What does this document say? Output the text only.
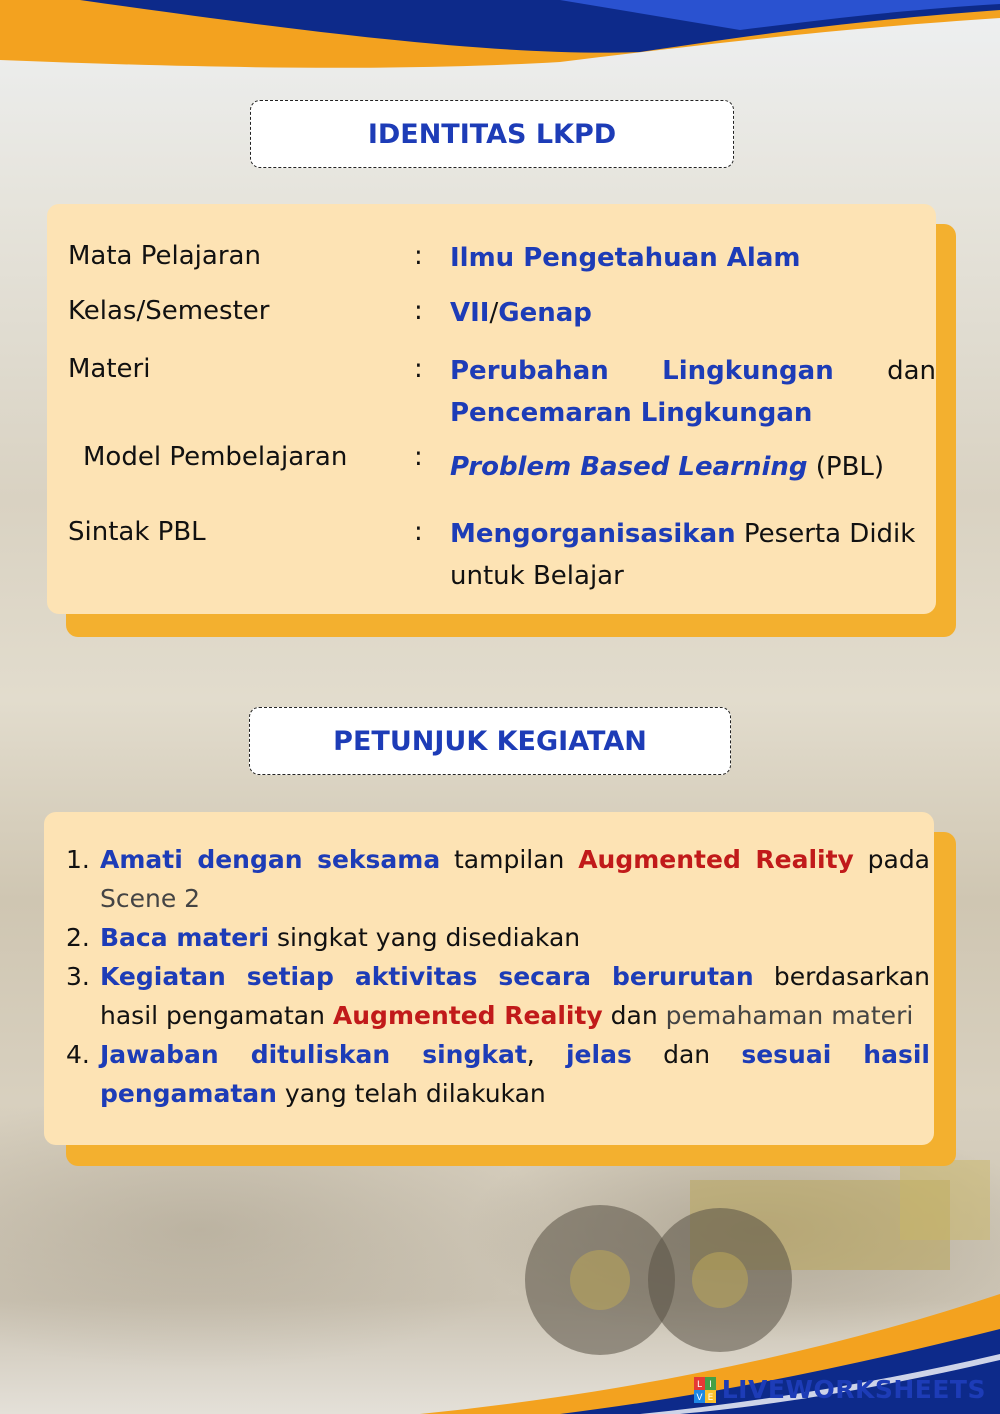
IDENTITAS LKPD
Mata Pelajaran	: Ilmu Pengetahuan Alam
Kelas/Semester	: VII/Genap
Materi	: Perubahan Lingkungan dan
Pencemaran Lingkungan
Model Pembelajaran	: Problem Based Learning (PBL)
Sintak PBL	: Mengorganisasikan Peserta Didik untuk Belajar
PETUNJUK KEGIATAN
1. Amati dengan seksama tampilan Augmented Reality pada Scene 2
2. Baca materi singkat yang disediakan
3. Kegiatan setiap aktivitas secara berurutan berdasarkan hasil pengamatan Augmented Reality dan pemahaman materi
4. Jawaban dituliskan singkat, jelas dan sesuai hasil pengamatan yang telah dilakukan
L I
V E LIVEWORKSHEETS
